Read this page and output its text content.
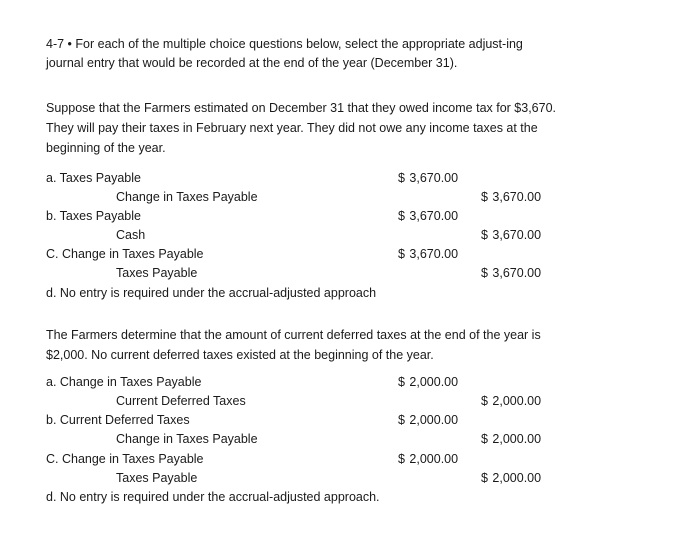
4-7 • For each of the multiple choice questions below, select the appropriate adjust-ing
journal entry that would be recorded at the end of the year (December 31).
Suppose that the Farmers estimated on December 31 that they owed income tax for $3,670.
They will pay their taxes in February next year. They did not owe any income taxes at the
beginning of the year.
a. Taxes Payable	$ 3,670.00
Change in Taxes Payable	$ 3,670.00
b. Taxes Payable	$ 3,670.00
Cash	$ 3,670.00
C. Change in Taxes Payable	$ 3,670.00
Taxes Payable	$ 3,670.00
d. No entry is required under the accrual-adjusted approach
The Farmers determine that the amount of current deferred taxes at the end of the year is
$2,000. No current deferred taxes existed at the beginning of the year.
a. Change in Taxes Payable	$ 2,000.00
Current Deferred Taxes	$ 2,000.00
b. Current Deferred Taxes	$ 2,000.00
Change in Taxes Payable	$ 2,000.00
C. Change in Taxes Payable	$ 2,000.00
Taxes Payable	$ 2,000.00
d. No entry is required under the accrual-adjusted approach.
